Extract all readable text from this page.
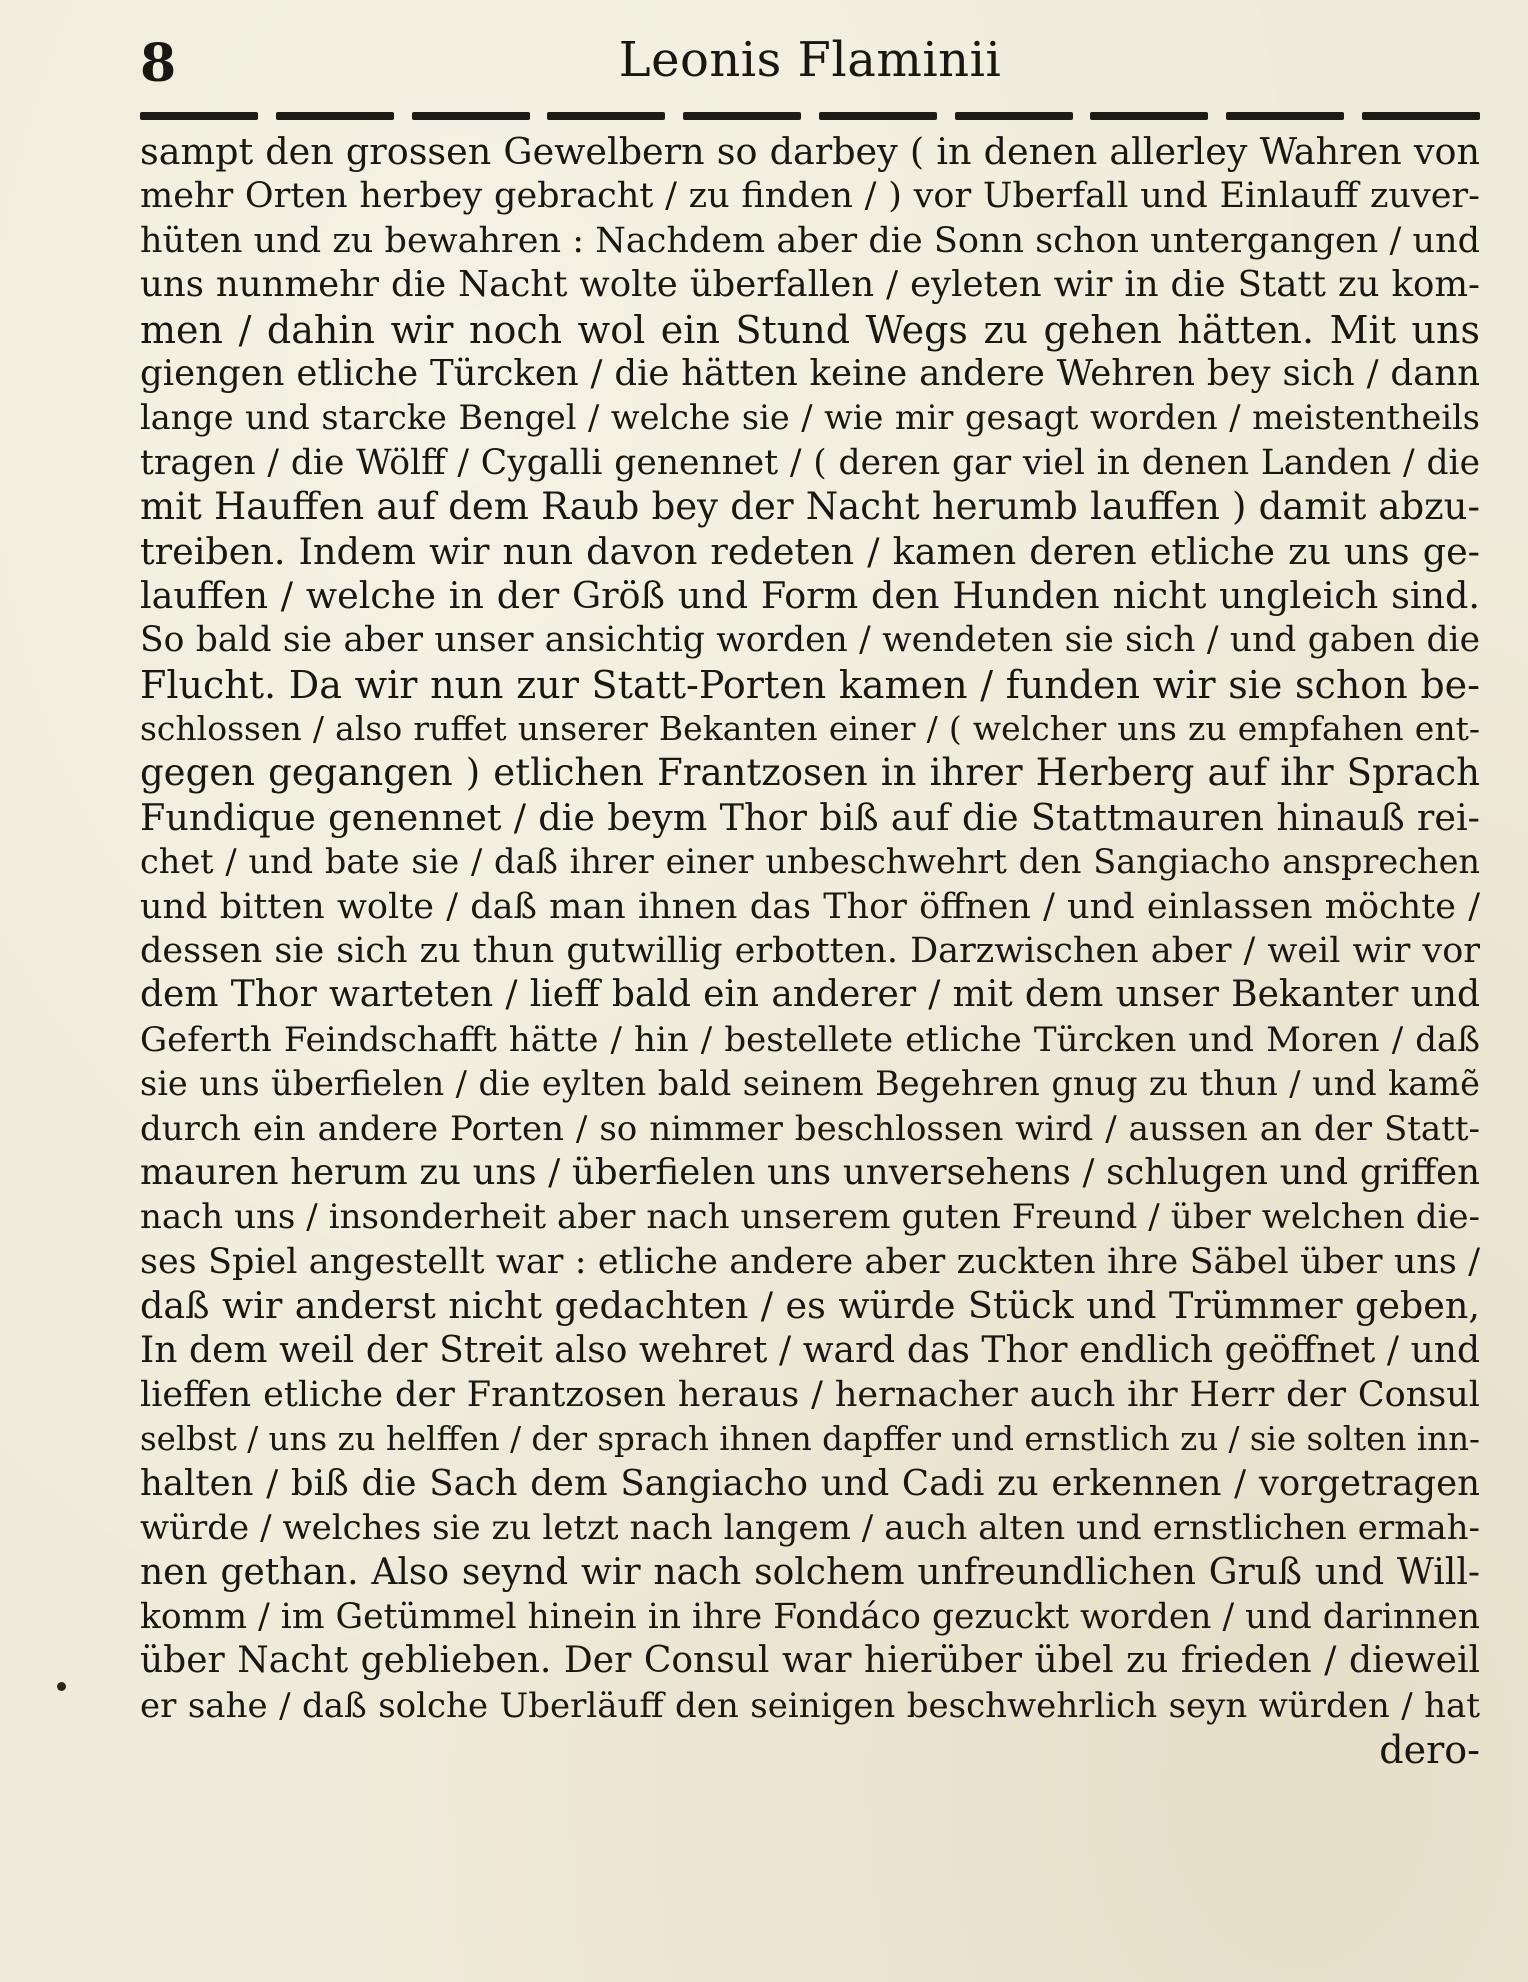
8	Leonis Flaminii
sampt den grossen Gewelbern so darbey ( in denen allerley Wahren von
mehr Orten herbey gebracht / zu finden / ) vor Uberfall und Einlauff zuver-
hüten und zu bewahren : Nachdem aber die Sonn schon untergangen / und
uns nunmehr die Nacht wolte überfallen / eyleten wir in die Statt zu kom-
men / dahin wir noch wol ein Stund Wegs zu gehen hätten. Mit uns
giengen etliche Türcken / die hätten keine andere Wehren bey sich / dann
lange und starcke Bengel / welche sie / wie mir gesagt worden / meistentheils
tragen / die Wölff / Cygalli genennet / ( deren gar viel in denen Landen / die
mit Hauffen auf dem Raub bey der Nacht herumb lauffen ) damit abzu-
treiben. Indem wir nun davon redeten / kamen deren etliche zu uns ge-
lauffen / welche in der Größ und Form den Hunden nicht ungleich sind.
So bald sie aber unser ansichtig worden / wendeten sie sich / und gaben die
Flucht. Da wir nun zur Statt-Porten kamen / funden wir sie schon be-
schlossen / also ruffet unserer Bekanten einer / ( welcher uns zu empfahen ent-
gegen gegangen ) etlichen Frantzosen in ihrer Herberg auf ihr Sprach
Fundique genennet / die beym Thor biß auf die Stattmauren hinauß rei-
chet / und bate sie / daß ihrer einer unbeschwehrt den Sangiacho ansprechen
und bitten wolte / daß man ihnen das Thor öffnen / und einlassen möchte /
dessen sie sich zu thun gutwillig erbotten. Darzwischen aber / weil wir vor
dem Thor warteten / lieff bald ein anderer / mit dem unser Bekanter und
Geferth Feindschafft hätte / hin / bestellete etliche Türcken und Moren / daß
sie uns überfielen / die eylten bald seinem Begehren gnug zu thun / und kamẽ
durch ein andere Porten / so nimmer beschlossen wird / aussen an der Statt-
mauren herum zu uns / überfielen uns unversehens / schlugen und griffen
nach uns / insonderheit aber nach unserem guten Freund / über welchen die-
ses Spiel angestellt war : etliche andere aber zuckten ihre Säbel über uns /
daß wir anderst nicht gedachten / es würde Stück und Trümmer geben,
In dem weil der Streit also wehret / ward das Thor endlich geöffnet / und
lieffen etliche der Frantzosen heraus / hernacher auch ihr Herr der Consul
selbst / uns zu helffen / der sprach ihnen dapffer und ernstlich zu / sie solten inn-
halten / biß die Sach dem Sangiacho und Cadi zu erkennen / vorgetragen
würde / welches sie zu letzt nach langem / auch alten und ernstlichen ermah-
nen gethan. Also seynd wir nach solchem unfreundlichen Gruß und Will-
komm / im Getümmel hinein in ihre Fondáco gezuckt worden / und darinnen
über Nacht geblieben. Der Consul war hierüber übel zu frieden / dieweil
er sahe / daß solche Uberläuff den seinigen beschwehrlich seyn würden / hat
dero-
